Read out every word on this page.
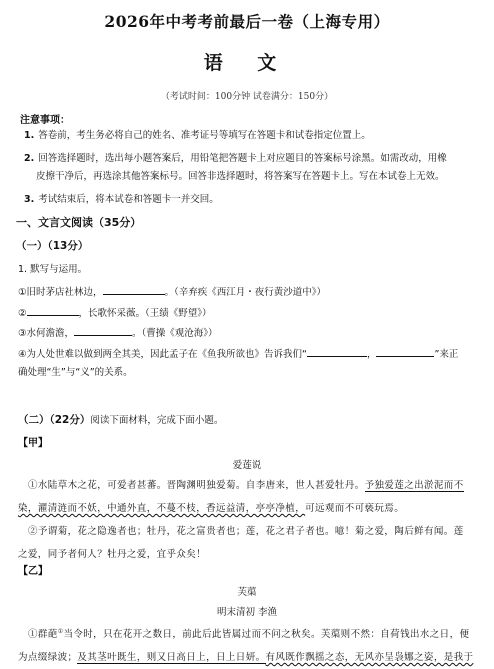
2026年中考考前最后一卷（上海专用）
语 文
（考试时间：100分钟 试卷满分：150分）
注意事项：
1. 答卷前，考生务必将自己的姓名、准考证号等填写在答题卡和试卷指定位置上。
2. 回答选择题时，选出每小题答案后，用铅笔把答题卡上对应题目的答案标号涂黑。如需改动，用橡
皮擦干净后，再选涂其他答案标号。回答非选择题时，将答案写在答题卡上。写在本试卷上无效。
3. 考试结束后，将本试卷和答题卡一并交回。
一、文言文阅读（35分）
（一）（13分）
1. 默写与运用。
①旧时茅店社林边，	。（辛弃疾《西江月・夜行黄沙道中》）
②	，长歌怀采薇。（王绩《野望》）
③水何澹澹，	。（曹操《观沧海》）
④为人处世难以做到两全其美，因此孟子在《鱼我所欲也》告诉我们“	，	”来正
确处理“生”与“义”的关系。
（二）（22分）阅读下面材料，完成下面小题。
【甲】
爱莲说
①水陆草木之花，可爱者甚蕃。晋陶渊明独爱菊。自李唐来，世人甚爱牡丹。予独爱莲之出淤泥而不
染，濯清涟而不妖，中通外直，不蔓不枝，香远益清，亭亭净植，可远观而不可亵玩焉。
②予谓菊，花之隐逸者也；牡丹，花之富贵者也；莲，花之君子者也。噫！菊之爱，陶后鲜有闻。莲
之爱，同予者何人？牡丹之爱，宜乎众矣！
【乙】
芙蕖
明末清初 李渔
①群葩①当令时，只在花开之数日，前此后此皆属过而不问之秋矣。芙蕖则不然：自荷钱出水之日，便
为点缀绿波；及其茎叶既生，则又日高日上，日上日妍。有风既作飘摇之态，无风亦呈袅娜之姿，是我于
